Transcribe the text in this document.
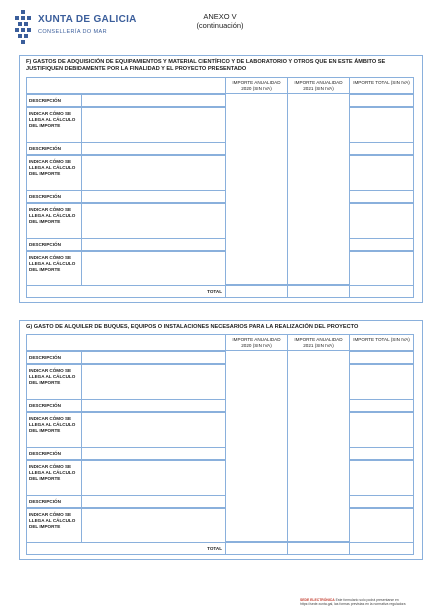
XUNTA DE GALICIA
CONSELLERÍA DO MAR
ANEXO V
(continuación)
F) GASTOS DE ADQUISICIÓN DE EQUIPAMIENTOS Y MATERIAL CIENTÍFICO Y DE LABORATORIO Y OTROS QUE EN ESTE ÁMBITO SE JUSTIFIQUEN DEBIDAMENTE POR LA FINALIDAD Y EL PROYECTO PRESENTADO
IMPORTE ANUALIDAD 2020 (SIN IVA)
IMPORTE ANUALIDAD 2021 (SIN IVA)
IMPORTE TOTAL (SIN IVA)
DESCRIPCIÓN
INDICAR CÓMO SE LLEGA AL CÁLCULO DEL IMPORTE
DESCRIPCIÓN
INDICAR CÓMO SE LLEGA AL CÁLCULO DEL IMPORTE
DESCRIPCIÓN
INDICAR CÓMO SE LLEGA AL CÁLCULO DEL IMPORTE
DESCRIPCIÓN
INDICAR CÓMO SE LLEGA AL CÁLCULO DEL IMPORTE
TOTAL
G) GASTO DE ALQUILER DE BUQUES, EQUIPOS O INSTALACIONES NECESARIOS PARA LA REALIZACIÓN DEL PROYECTO
IMPORTE ANUALIDAD 2020 (SIN IVA)
IMPORTE ANUALIDAD 2021 (SIN IVA)
IMPORTE TOTAL (SIN IVA)
DESCRIPCIÓN
INDICAR CÓMO SE LLEGA AL CÁLCULO DEL IMPORTE
DESCRIPCIÓN
INDICAR CÓMO SE LLEGA AL CÁLCULO DEL IMPORTE
DESCRIPCIÓN
INDICAR CÓMO SE LLEGA AL CÁLCULO DEL IMPORTE
DESCRIPCIÓN
INDICAR CÓMO SE LLEGA AL CÁLCULO DEL IMPORTE
TOTAL
SEDE ELECTRÓNICA Este formulario solo podrá presentarse en https://sede.xunta.gal, las formas previstas en la normativa reguladora
